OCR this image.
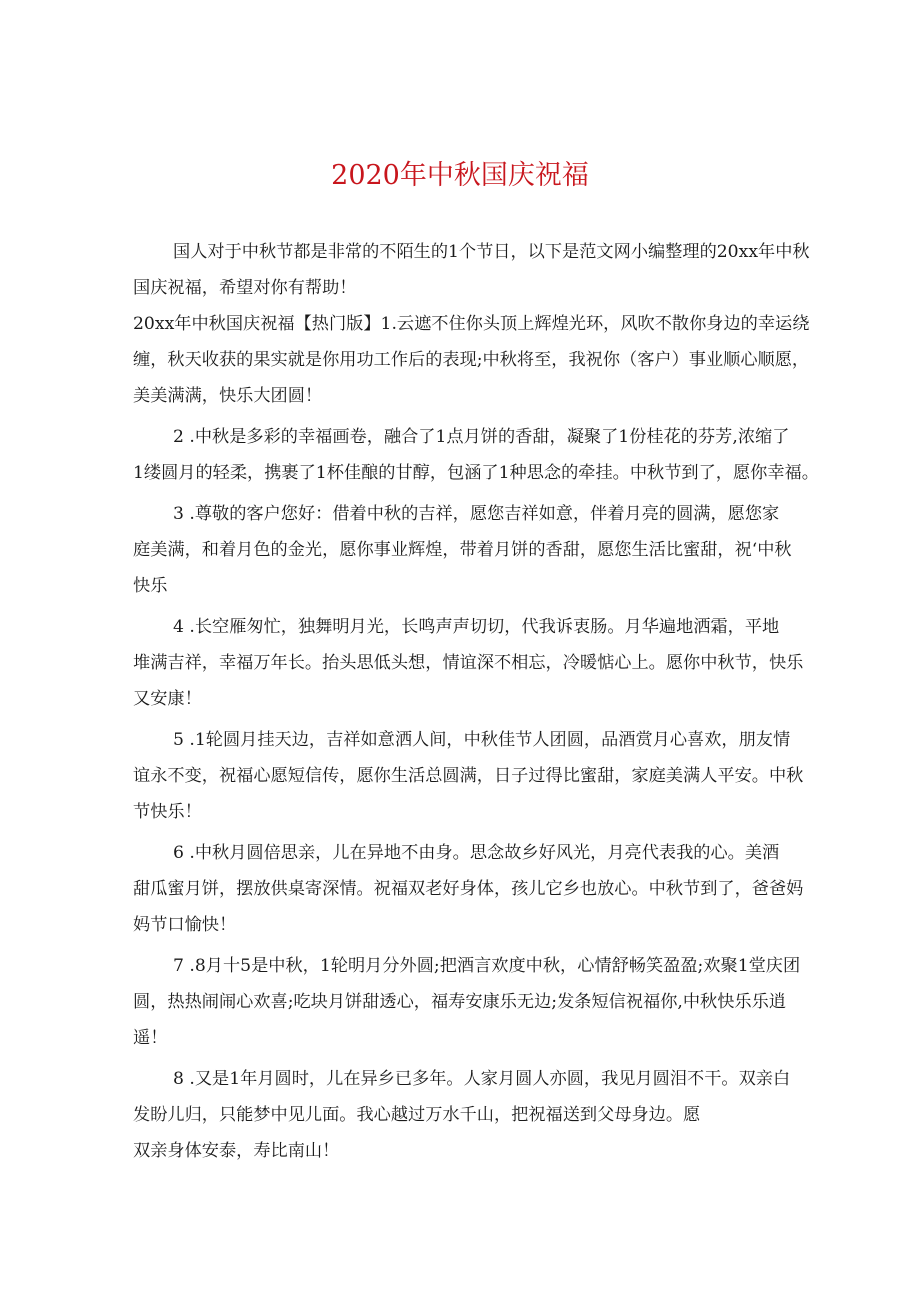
2020年中秋国庆祝福
国人对于中秋节都是非常的不陌生的1个节日，以下是范文网小编整理的20xx年中秋
国庆祝福，希望对你有帮助！
20xx年中秋国庆祝福【热门版】1.云遮不住你头顶上辉煌光环，风吹不散你身边的幸运绕
缠，秋天收获的果实就是你用功工作后的表现;中秋将至，我祝你（客户）事业顺心顺愿，
美美满满，快乐大团圆！
2 .中秋是多彩的幸福画卷，融合了1点月饼的香甜，凝聚了1份桂花的芬芳,浓缩了
1缕圆月的轻柔，携裹了1杯佳酿的甘醇，包涵了1种思念的牵挂。中秋节到了，愿你幸福。
3 .尊敬的客户您好：借着中秋的吉祥，愿您吉祥如意，伴着月亮的圆满，愿您家
庭美满，和着月色的金光，愿你事业辉煌，带着月饼的香甜，愿您生活比蜜甜，祝‘中秋
快乐
4 .长空雁匆忙，独舞明月光，长鸣声声切切，代我诉衷肠。月华遍地洒霜，平地
堆满吉祥，幸福万年长。抬头思低头想，情谊深不相忘，冷暖惦心上。愿你中秋节，快乐
又安康！
5 .1轮圆月挂天边，吉祥如意洒人间，中秋佳节人团圆，品酒赏月心喜欢，朋友情
谊永不变，祝福心愿短信传，愿你生活总圆满，日子过得比蜜甜，家庭美满人平安。中秋
节快乐！
6 .中秋月圆倍思亲，儿在异地不由身。思念故乡好风光，月亮代表我的心。美酒
甜瓜蜜月饼，摆放供桌寄深情。祝福双老好身体，孩儿它乡也放心。中秋节到了，爸爸妈
妈节口愉快！
7 .8月十5是中秋，1轮明月分外圆;把酒言欢度中秋，心情舒畅笑盈盈;欢聚1堂庆团
圆，热热闹闹心欢喜;吃块月饼甜透心，福寿安康乐无边;发条短信祝福你,中秋快乐乐逍
遥！
8 .又是1年月圆时，儿在异乡已多年。人家月圆人亦圆，我见月圆泪不干。双亲白
发盼儿归，只能梦中见儿面。我心越过万水千山，把祝福送到父母身边。愿
双亲身体安泰，寿比南山！
